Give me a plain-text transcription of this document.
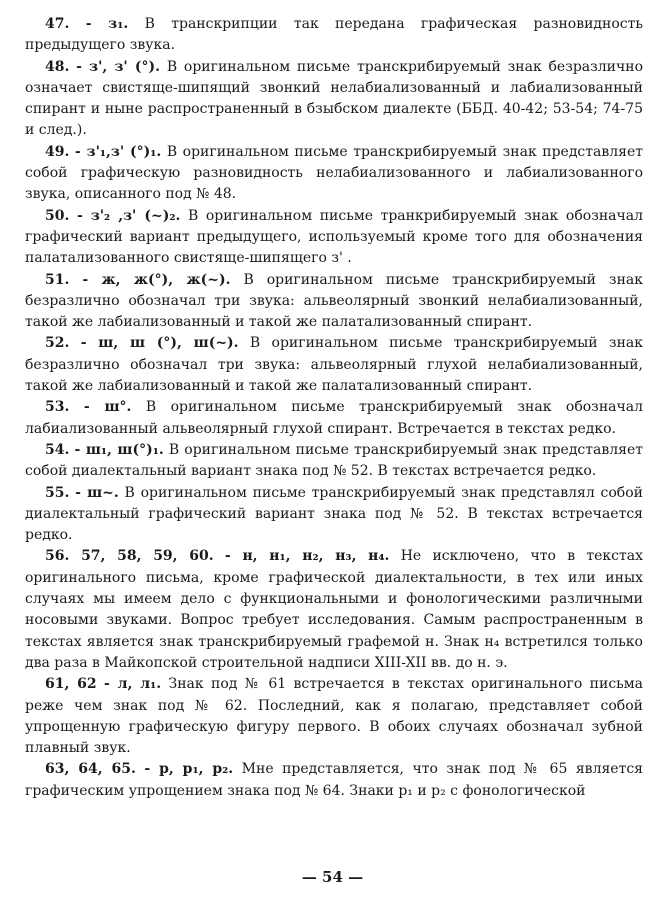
47. - з₁. В транскрипции так передана графическая разновидность предыдущего звука.

48. - з', з' (°). В оригинальном письме транскрибируемый знак безразлично означает свистяще-шипящий звонкий нелабиализованный и лабиализованный спирант и ныне распространенный в бзыбском диалекте (ББД. 40-42; 53-54; 74-75 и след.).

49. - з'₁,з' (°)₁. В оригинальном письме транскрибируемый знак представляет собой графическую разновидность нелабиализованного и лабиализованного звука, описанного под № 48.

50. - з'₂ ,з' (~)₂. В оригинальном письме транкрибируемый знак обозначал графический вариант предыдущего, используемый кроме того для обозначения палатализованного свистяще-шипящего з' .

51. - ж, ж(°), ж(~). В оригинальном письме транскрибируемый знак безразлично обозначал три звука: альвеолярный звонкий нелабиализованный, такой же лабиализованный и такой же палатализованный спирант.

52. - ш, ш (°), ш(~). В оригинальном письме транскрибируемый знак безразлично обозначал три звука: альвеолярный глухой нелабиализованный, такой же лабиализованный и такой же палатализованный спирант.

53. - ш°. В оригинальном письме транскрибируемый знак обозначал лабиализованный альвеолярный глухой спирант. Встречается в текстах редко.

54. - ш₁, ш(°)₁. В оригинальном письме транскрибируемый знак представляет собой диалектальный вариант знака под № 52. В текстах встречается редко.

55. - ш~. В оригинальном письме транскрибируемый знак представлял собой диалектальный графический вариант знака под № 52. В текстах встречается редко.

56. 57, 58, 59, 60. - н, н₁, н₂, н₃, н₄. Не исключено, что в текстах оригинального письма, кроме графической диалектальности, в тех или иных случаях мы имеем дело с функциональными и фонологическими различными носовыми звуками. Вопрос требует исследования. Самым распространенным в текстах является знак транскрибируемый графемой н. Знак н₄ встретился только два раза в Майкопской строительной надписи XIII-XII вв. до н. э.

61, 62 - л, л₁. Знак под № 61 встречается в текстах оригинального письма реже чем знак под № 62. Последний, как я полагаю, представляет собой упрощенную графическую фигуру первого. В обоих случаях обозначал зубной плавный звук.

63, 64, 65. - р, р₁, р₂. Мне представляется, что знак под № 65 является графическим упрощением знака под № 64. Знаки р₁ и р₂ с фонологической

— 54 —
